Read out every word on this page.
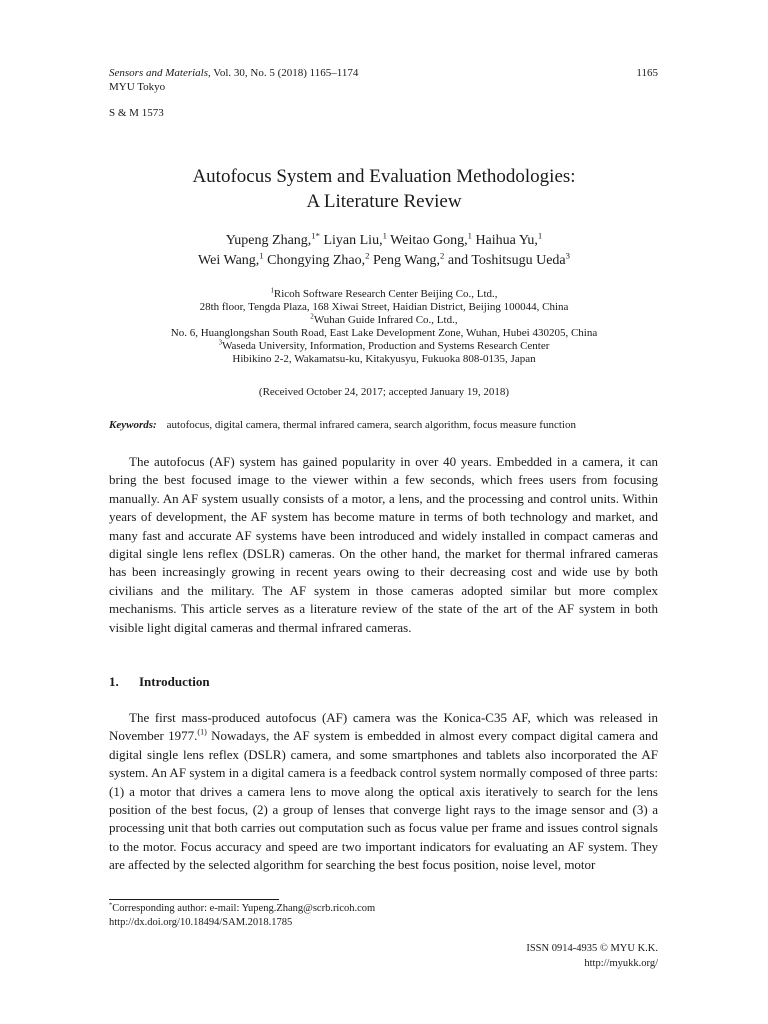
Sensors and Materials, Vol. 30, No. 5 (2018) 1165–1174
MYU Tokyo
1165
S & M 1573
Autofocus System and Evaluation Methodologies:
A Literature Review
Yupeng Zhang,$^{1*}$ Liyan Liu,$^1$ Weitao Gong,$^1$ Haihua Yu,$^1$
Wei Wang,$^1$ Chongying Zhao,$^2$ Peng Wang,$^2$ and Toshitsugu Ueda$^3$
$^1$Ricoh Software Research Center Beijing Co., Ltd.,
28th floor, Tengda Plaza, 168 Xiwai Street, Haidian District, Beijing 100044, China
$^2$Wuhan Guide Infrared Co., Ltd.,
No. 6, Huanglongshan South Road, East Lake Development Zone, Wuhan, Hubei 430205, China
$^3$Waseda University, Information, Production and Systems Research Center
Hibikino 2-2, Wakamatsu-ku, Kitakyusyu, Fukuoka 808-0135, Japan
(Received October 24, 2017; accepted January 19, 2018)
Keywords: autofocus, digital camera, thermal infrared camera, search algorithm, focus measure function

The autofocus (AF) system has gained popularity in over 40 years. Embedded in a camera, it can bring the best focused image to the viewer within a few seconds, which frees users from focusing manually. An AF system usually consists of a motor, a lens, and the processing and control units. Within years of development, the AF system has become mature in terms of both technology and market, and many fast and accurate AF systems have been introduced and widely installed in compact cameras and digital single lens reflex (DSLR) cameras. On the other hand, the market for thermal infrared cameras has been increasingly growing in recent years owing to their decreasing cost and wide use by both civilians and the military. The AF system in those cameras adopted similar but more complex mechanisms. This article serves as a literature review of the state of the art of the AF system in both visible light digital cameras and thermal infrared cameras.

1. Introduction

The first mass-produced autofocus (AF) camera was the Konica-C35 AF, which was released in November 1977.$^{(1)}$ Nowadays, the AF system is embedded in almost every compact digital camera and digital single lens reflex (DSLR) camera, and some smartphones and tablets also incorporated the AF system. An AF system in a digital camera is a feedback control system normally composed of three parts: (1) a motor that drives a camera lens to move along the optical axis iteratively to search for the lens position of the best focus, (2) a group of lenses that converge light rays to the image sensor and (3) a processing unit that both carries out computation such as focus value per frame and issues control signals to the motor. Focus accuracy and speed are two important indicators for evaluating an AF system. They are affected by the selected algorithm for searching the best focus position, noise level, motor

*Corresponding author: e-mail: Yupeng.Zhang@scrb.ricoh.com
http://dx.doi.org/10.18494/SAM.2018.1785
ISSN 0914-4935 © MYU K.K.
http://myukk.org/
